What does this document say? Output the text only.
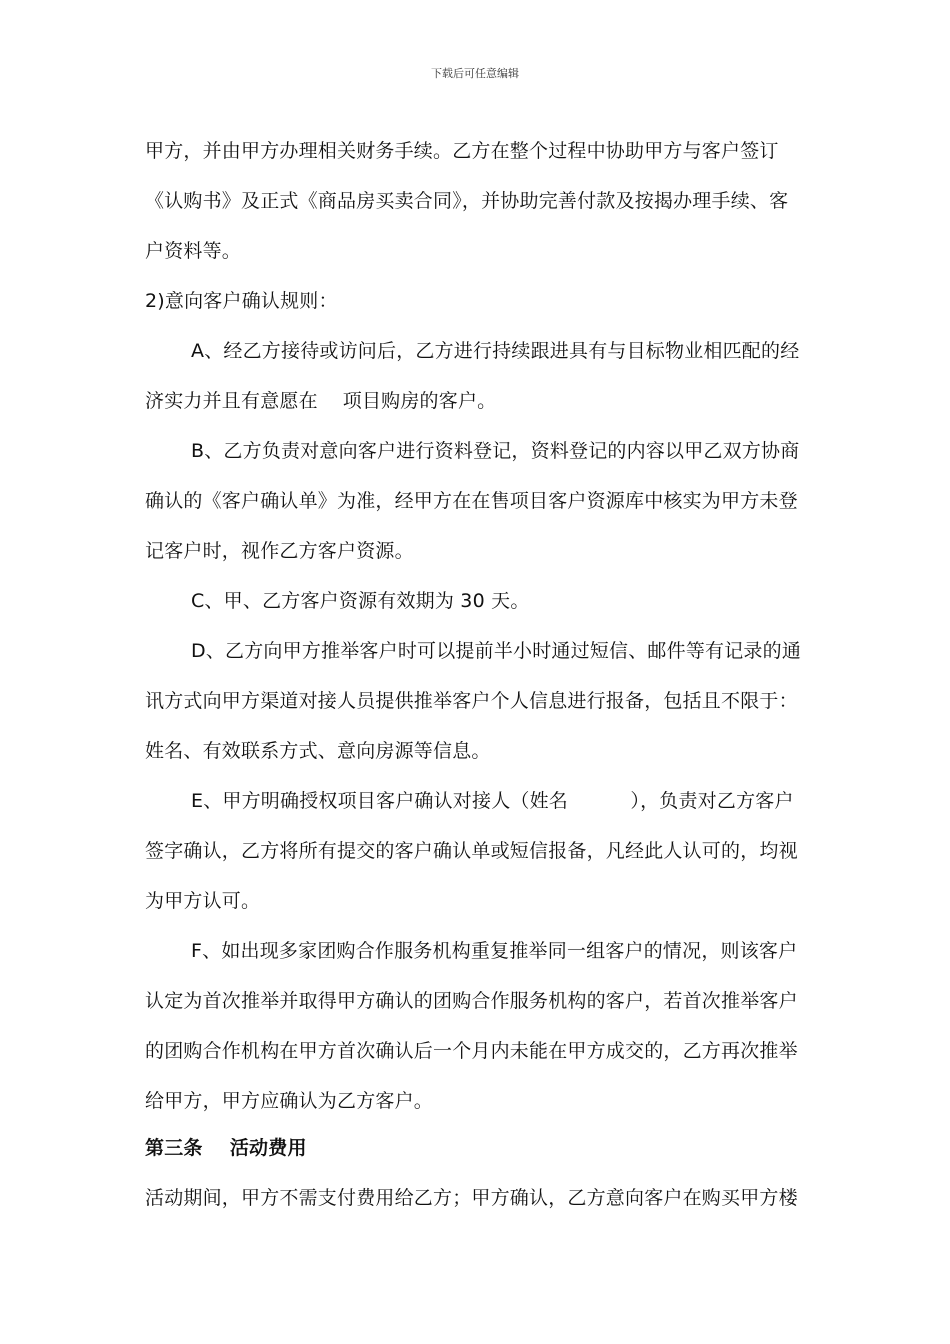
下载后可任意编辑
甲方，并由甲方办理相关财务手续。乙方在整个过程中协助甲方与客户签订
《认购书》及正式《商品房买卖合同》，并协助完善付款及按揭办理手续、客
户资料等。
2)意向客户确认规则：
A、经乙方接待或访问后，乙方进行持续跟进具有与目标物业相匹配的经
济实力并且有意愿在    项目购房的客户。
B、乙方负责对意向客户进行资料登记，资料登记的内容以甲乙双方协商
确认的《客户确认单》为准，经甲方在在售项目客户资源库中核实为甲方未登
记客户时，视作乙方客户资源。
C、甲、乙方客户资源有效期为 30 天。
D、乙方向甲方推举客户时可以提前半小时通过短信、邮件等有记录的通
讯方式向甲方渠道对接人员提供推举客户个人信息进行报备，包括且不限于：
姓名、有效联系方式、意向房源等信息。
E、甲方明确授权项目客户确认对接人（姓名          ），负责对乙方客户
签字确认，乙方将所有提交的客户确认单或短信报备，凡经此人认可的，均视
为甲方认可。
F、如出现多家团购合作服务机构重复推举同一组客户的情况，则该客户
认定为首次推举并取得甲方确认的团购合作服务机构的客户，若首次推举客户
的团购合作机构在甲方首次确认后一个月内未能在甲方成交的，乙方再次推举
给甲方，甲方应确认为乙方客户。
第三条    活动费用
活动期间，甲方不需支付费用给乙方；甲方确认，乙方意向客户在购买甲方楼
